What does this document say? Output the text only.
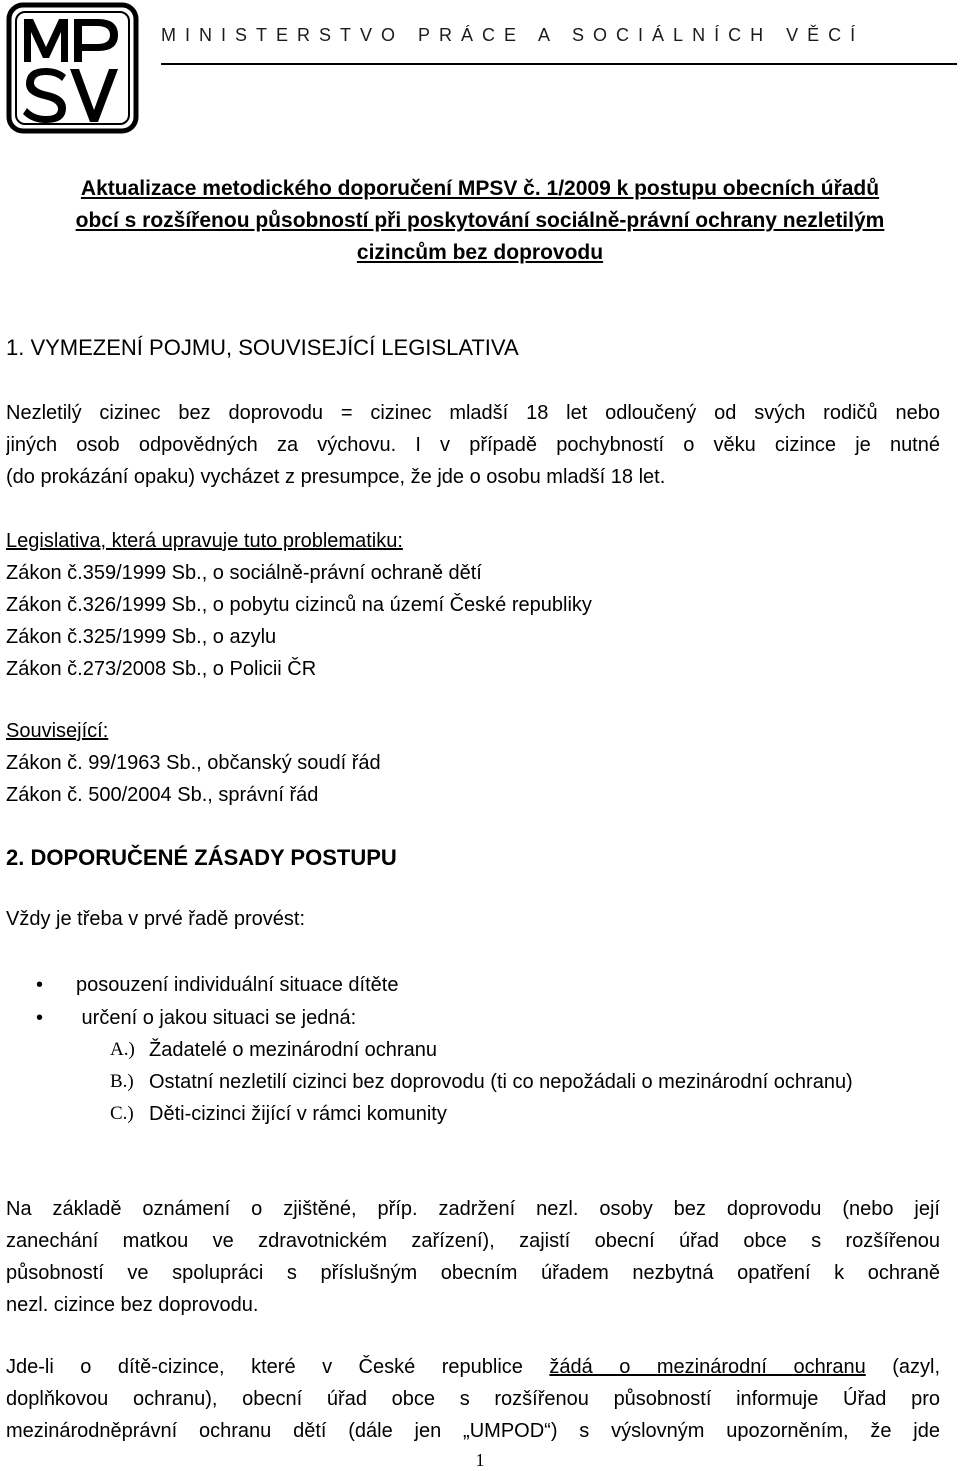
MINISTERSTVO PRÁCE A SOCIÁLNÍCH VĚCÍ
Aktualizace metodického doporučení MPSV č. 1/2009 k postupu obecních úřadů
obcí s rozšířenou působností při poskytování sociálně-právní ochrany nezletilým
cizincům bez doprovodu
1. VYMEZENÍ POJMU, SOUVISEJÍCÍ LEGISLATIVA
Nezletilý cizinec bez doprovodu = cizinec mladší 18 let odloučený od svých rodičů nebo
jiných osob odpovědných za výchovu. I v případě pochybností o věku cizince je nutné
(do prokázání opaku) vycházet z presumpce, že jde o osobu mladší 18 let.
Legislativa, která upravuje tuto problematiku:
Zákon č.359/1999 Sb., o sociálně-právní ochraně dětí
Zákon č.326/1999 Sb., o pobytu cizinců na území České republiky
Zákon č.325/1999 Sb., o azylu
Zákon č.273/2008 Sb., o Policii ČR
Související:
Zákon č. 99/1963 Sb., občanský soudí řád
Zákon č. 500/2004 Sb., správní řád
2. DOPORUČENÉ ZÁSADY POSTUPU
Vždy je třeba v prvé řadě provést:
• posouzení individuální situace dítěte
• určení o jakou situaci se jedná:
A.) Žadatelé o mezinárodní ochranu
B.) Ostatní nezletilí cizinci bez doprovodu (ti co nepožádali o mezinárodní ochranu)
C.) Děti-cizinci žijící v rámci komunity
Na základě oznámení o zjištěné, příp. zadržení nezl. osoby bez doprovodu (nebo její
zanechání matkou ve zdravotnickém zařízení), zajistí obecní úřad obce s rozšířenou
působností ve spolupráci s příslušným obecním úřadem nezbytná opatření k ochraně
nezl. cizince bez doprovodu.
Jde-li o dítě-cizince, které v České republice žádá o mezinárodní ochranu (azyl,
doplňkovou ochranu), obecní úřad obce s rozšířenou působností informuje Úřad pro
mezinárodněprávní ochranu dětí (dále jen „UMPOD“) s výslovným upozorněním, že jde
1
